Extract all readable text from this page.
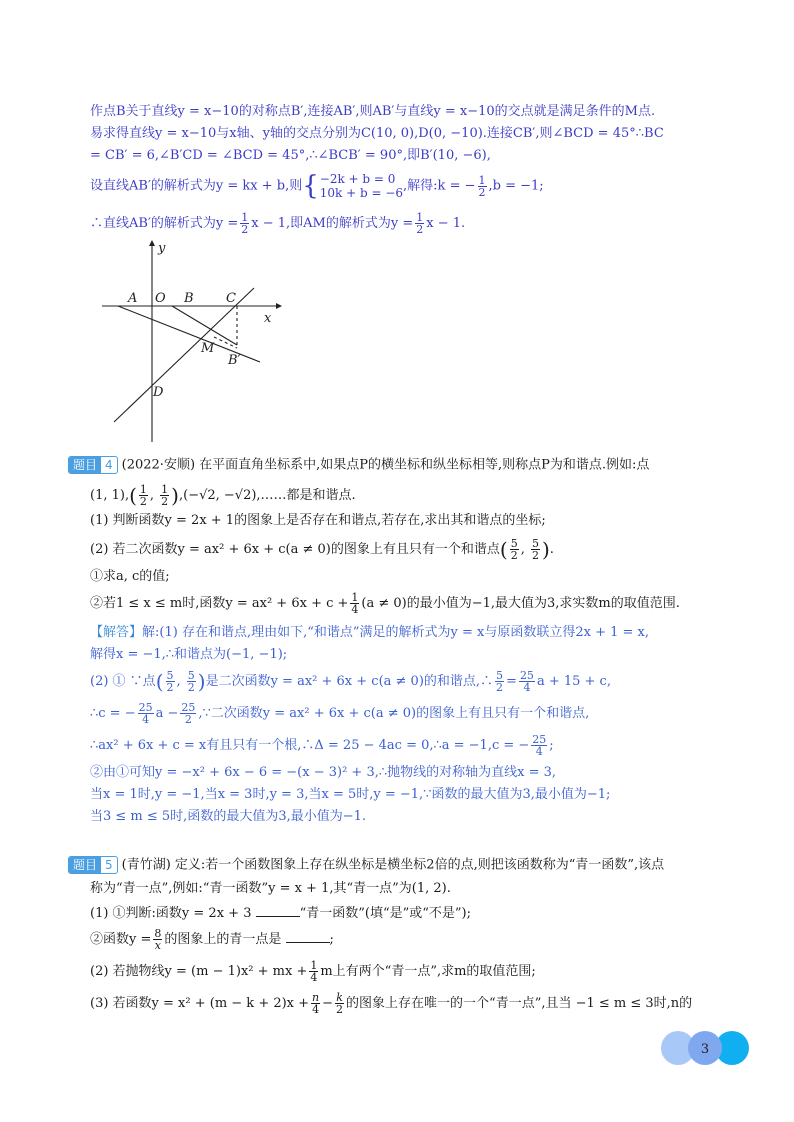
作点B关于直线y = x−10的对称点B′,连接AB′,则AB′与直线y = x−10的交点就是满足条件的M点.
易求得直线y = x−10与x轴、y轴的交点分别为C(10, 0),D(0, −10).连接CB′,则∠BCD = 45°∴BC
= CB′ = 6,∠B′CD = ∠BCD = 45°,∴∠BCB′ = 90°,即B′(10, −6),
设直线AB′的解析式为y = kx + b,则{ −2k + b = 0
10k + b = −6 ,解得:k = − $\frac{1}{2} ,b = -1$;
∴直线AB′的解析式为$y = \frac{1}{2}$ x − 1,即AM的解析式为$y = \frac{1}{2}$ x − 1.
y
x
A O B C
M
B′
D
题目 4 (2022·安顺) 在平面直角坐标系中,如果点P的横坐标和纵坐标相等,则称点P为和谐点.例如:点
(1, $1),( \frac{1}{2}$ , $\frac{1}{2} ),(-√2$, −√2),……都是和谐点.
(1) 判断函数y = 2x + 1的图象上是否存在和谐点,若存在,求出其和谐点的坐标;
(2) 若二次函数y = ax² + 6x + c(a ≠ 0)的图象上有且只有一个和谐点( $\frac{5}{2}$ , $\frac{5}{2}$ ).
①求a, c的值;
②若1 ≤ x ≤ m时,函数$y = ax^2 + 6x + c + \frac{1}{4} (a \ne 0)$的最小值为−1,最大值为3,求实数m的取值范围.
【解答】解:(1) 存在和谐点,理由如下,“和谐点”满足的解析式为y = x与原函数联立得2x + 1 = x,
解得x = −1,∴和谐点为(−1, −1);
(2) ① ∵点( $\frac{5}{2}$ , $\frac{5}{2}$ )是二次函数y = ax² + 6x + c(a ≠ 0)的和谐点,∴ $\frac{5}{2} = \frac{25}{4}$ a + 15 + c,
∴c = − $\frac{25}{4}$ $a - \frac{25}{2}$ ,∵二次函数y = ax² + 6x + c(a ≠ 0)的图象上有且只有一个和谐点,
∴ax² + 6x + c = x有且只有一个根,∴Δ = 25 − 4ac = 0,∴a = −1,c = − $\frac{25}{4}$ ;
②由①可知y = −x² + 6x − 6 = −(x − 3)² + 3,∴抛物线的对称轴为直线x = 3,
当x = 1时,y = −1,当x = 3时,y = 3,当x = 5时,y = −1,∵函数的最大值为3,最小值为−1;
当3 ≤ m ≤ 5时,函数的最大值为3,最小值为−1.
题目 5 (青竹湖) 定义:若一个函数图象上存在纵坐标是横坐标2倍的点,则把该函数称为“青一函数”,该点
称为“青一点”,例如:“青一函数”y = x + 1,其“青一点”为(1, 2).
(1) ①判断:函数y = 2x + 3	“青一函数”(填“是”或“不是”);
②函数$y = \frac{8}{x}$ 的图象上的青一点是	;
(2) 若抛物线y = (m − 1)x² + mx + $\frac{1}{4}$ m上有两个“青一点”,求m的取值范围;
(3) 若函数$y = x^2 + (m - k + 2)x + \frac{n}{4} - \frac{k}{2}$ 的图象上存在唯一的一个“青一点”,且当 −1 ≤ m ≤ 3时,n的
3
